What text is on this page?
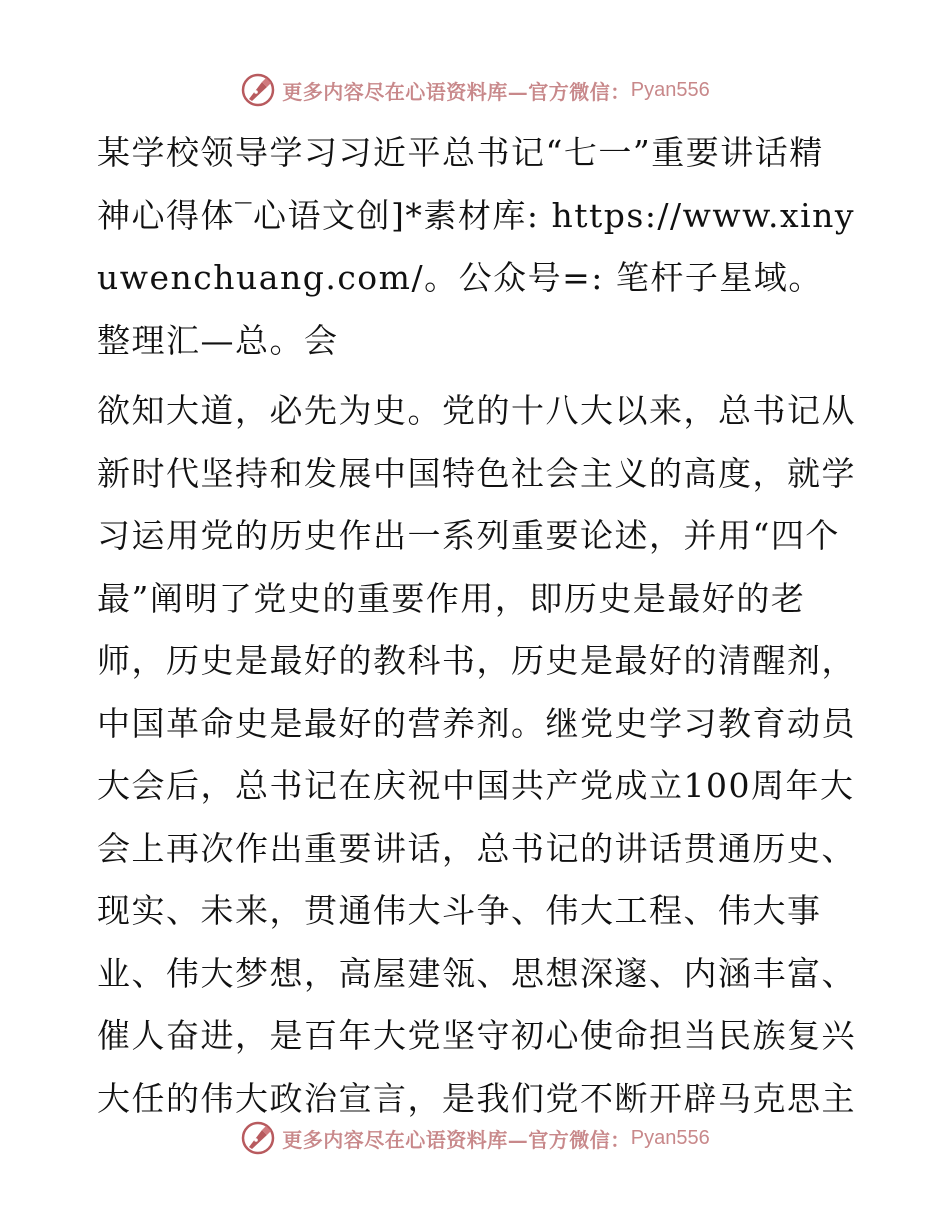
更多内容尽在心语资料库—官方微信： Pyan556

某学校领导学习习近平总书记“七一”重要讲话精神心得体‾心语文创]*素材库: https://www.xinyuwenchuang.com/。公众号=: 笔杆子星域。整理汇—总。会

欲知大道，必先为史。党的十八大以来，总书记从新时代坚持和发展中国特色社会主义的高度，就学习运用党的历史作出一系列重要论述，并用“四个最”阐明了党史的重要作用，即历史是最好的老师，历史是最好的教科书，历史是最好的清醒剂，中国革命史是最好的营养剂。继党史学习教育动员大会后，总书记在庆祝中国共产党成立100周年大会上再次作出重要讲话，总书记的讲话贯通历史、现实、未来，贯通伟大斗争、伟大工程、伟大事业、伟大梦想，高屋建瓴、思想深邃、内涵丰富、催人奋进，是百年大党坚守初心使命担当民族复兴大任的伟大政治宣言，是我们党不断开辟马克思主

更多内容尽在心语资料库—官方微信： Pyan556
